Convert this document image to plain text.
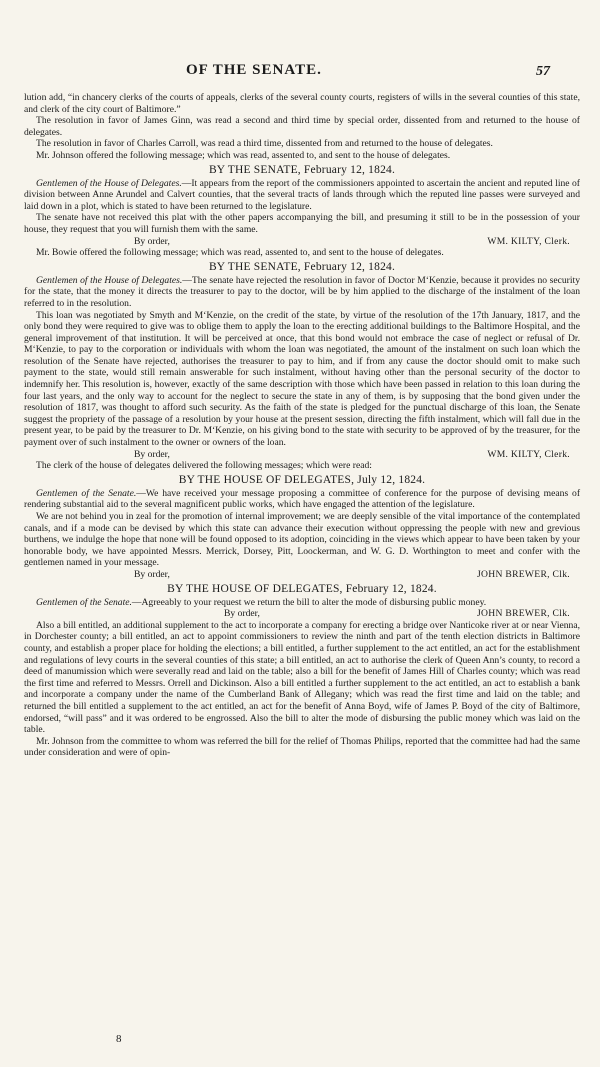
OF THE SENATE.	57

lution add, “in chancery clerks of the courts of appeals, clerks of the several county courts, registers of wills in the several counties of this state, and clerk of the city court of Baltimore.”

The resolution in favor of James Ginn, was read a second and third time by special order, dissented from and returned to the house of delegates.

The resolution in favor of Charles Carroll, was read a third time, dissented from and returned to the house of delegates.

Mr. Johnson offered the following message; which was read, assented to, and sent to the house of delegates.

BY THE SENATE, February 12, 1824.

Gentlemen of the House of Delegates.—It appears from the report of the commissioners appointed to ascertain the ancient and reputed line of division between Anne Arundel and Calvert counties, that the several tracts of lands through which the reputed line passes were surveyed and laid down in a plot, which is stated to have been returned to the legislature.

The senate have not received this plat with the other papers accompanying the bill, and presuming it still to be in the possession of your house, they request that you will furnish them with the same.

By order,	WM. KILTY, Clerk.

Mr. Bowie offered the following message; which was read, assented to, and sent to the house of delegates.

BY THE SENATE, February 12, 1824.

Gentlemen of the House of Delegates.—The senate have rejected the resolution in favor of Doctor M‘Kenzie, because it provides no security for the state, that the money it directs the treasurer to pay to the doctor, will be by him applied to the discharge of the instalment of the loan referred to in the resolution.

This loan was negotiated by Smyth and M‘Kenzie, on the credit of the state, by virtue of the resolution of the 17th January, 1817, and the only bond they were required to give was to oblige them to apply the loan to the erecting additional buildings to the Baltimore Hospital, and the general improvement of that institution. It will be perceived at once, that this bond would not embrace the case of neglect or refusal of Dr. M‘Kenzie, to pay to the corporation or individuals with whom the loan was negotiated, the amount of the instalment on such loan which the resolution of the Senate have rejected, authorises the treasurer to pay to him, and if from any cause the doctor should omit to make such payment to the state, would still remain answerable for such instalment, without having other than the personal security of the doctor to indemnify her. This resolution is, however, exactly of the same description with those which have been passed in relation to this loan during the four last years, and the only way to account for the neglect to secure the state in any of them, is by supposing that the bond given under the resolution of 1817, was thought to afford such security. As the faith of the state is pledged for the punctual discharge of this loan, the Senate suggest the propriety of the passage of a resolution by your house at the present session, directing the fifth instalment, which will fall due in the present year, to be paid by the treasurer to Dr. M‘Kenzie, on his giving bond to the state with security to be approved of by the treasurer, for the payment over of such instalment to the owner or owners of the loan.

By order,	WM. KILTY, Clerk.

The clerk of the house of delegates delivered the following messages; which were read:

BY THE HOUSE OF DELEGATES, July 12, 1824.

Gentlemen of the Senate.—We have received your message proposing a committee of conference for the purpose of devising means of rendering substantial aid to the several magnificent public works, which have engaged the attention of the legislature.

We are not behind you in zeal for the promotion of internal improvement; we are deeply sensible of the vital importance of the contemplated canals, and if a mode can be devised by which this state can advance their execution without oppressing the people with new and grevious burthens, we indulge the hope that none will be found opposed to its adoption, coinciding in the views which appear to have been taken by your honorable body, we have appointed Messrs. Merrick, Dorsey, Pitt, Loockerman, and W. G. D. Worthington to meet and confer with the gentlemen named in your message.

By order,	JOHN BREWER, Clk.
BY THE HOUSE OF DELEGATES, February 12, 1824.

Gentlemen of the Senate.—Agreeably to your request we return the bill to alter the mode of disbursing public money.

By order,	JOHN BREWER, Clk.

Also a bill entitled, an additional supplement to the act to incorporate a company for erecting a bridge over Nanticoke river at or near Vienna, in Dorchester county; a bill entitled, an act to appoint commissioners to review the ninth and part of the tenth election districts in Baltimore county, and establish a proper place for holding the elections; a bill entitled, a further supplement to the act entitled, an act for the establishment and regulations of levy courts in the several counties of this state; a bill entitled, an act to authorise the clerk of Queen Ann’s county, to record a deed of manumission which were severally read and laid on the table; also a bill for the benefit of James Hill of Charles county; which was read the first time and referred to Messrs. Orrell and Dickinson. Also a bill entitled a further supplement to the act entitled, an act to establish a bank and incorporate a company under the name of the Cumberland Bank of Allegany; which was read the first time and laid on the table; and returned the bill entitled a supplement to the act entitled, an act for the benefit of Anna Boyd, wife of James P. Boyd of the city of Baltimore, endorsed, “will pass” and it was ordered to be engrossed. Also the bill to alter the mode of disbursing the public money which was laid on the table.

Mr. Johnson from the committee to whom was referred the bill for the relief of Thomas Philips, reported that the committee had had the same under consideration and were of opin-

8
